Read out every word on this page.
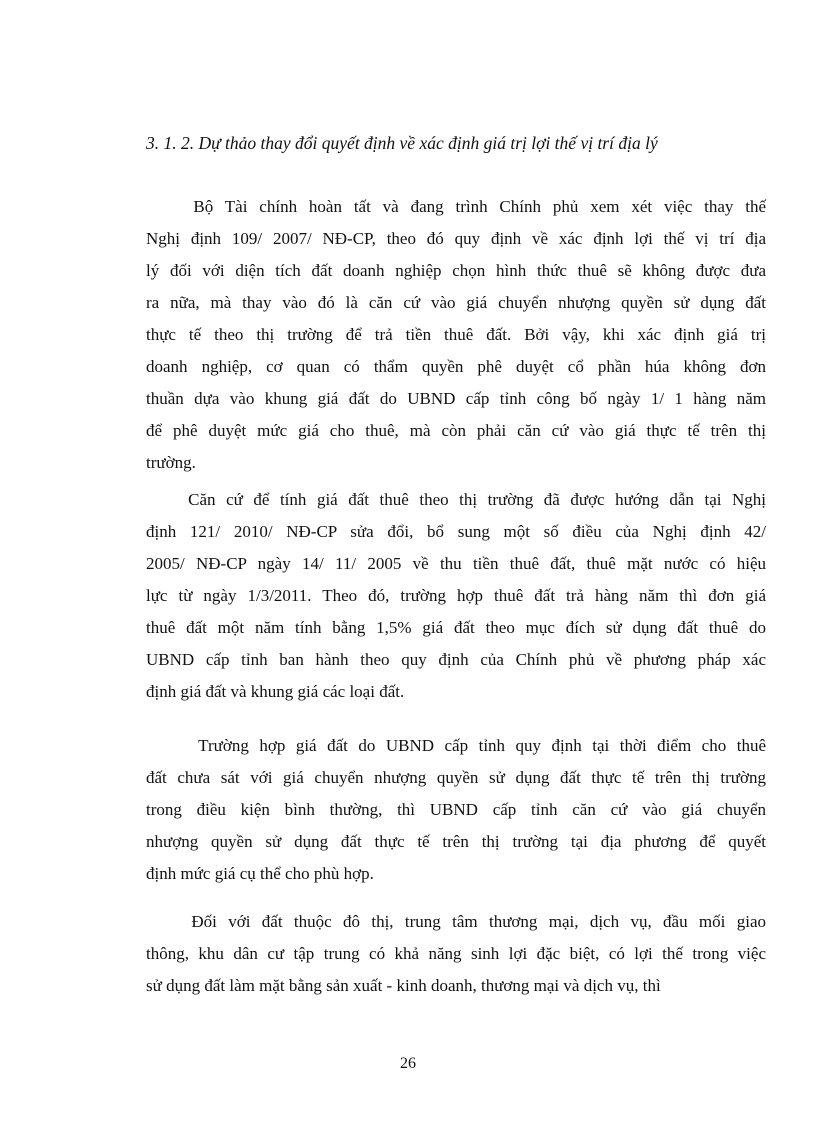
3. 1. 2. Dự thảo thay đổi quyết định về xác định giá trị lợi thế vị trí địa lý

Bộ Tài chính hoàn tất và đang trình Chính phủ xem xét việc thay thế
Nghị định 109/ 2007/ NĐ-CP, theo đó quy định về xác định lợi thế vị trí địa
lý đối với diện tích đất doanh nghiệp chọn hình thức thuê sẽ không được đưa
ra nữa, mà thay vào đó là căn cứ vào giá chuyển nhượng quyền sử dụng đất
thực tế theo thị trường để trả tiền thuê đất. Bởi vậy, khi xác định giá trị
doanh nghiệp, cơ quan có thẩm quyền phê duyệt cổ phần húa không đơn
thuần dựa vào khung giá đất do UBND cấp tỉnh công bố ngày 1/ 1 hàng năm
để phê duyệt mức giá cho thuê, mà còn phải căn cứ vào giá thực tế trên thị
trường.

Căn cứ để tính giá đất thuê theo thị trường đã được hướng dẫn tại Nghị
định 121/ 2010/ NĐ-CP sửa đổi, bổ sung một số điều của Nghị định 42/
2005/ NĐ-CP ngày 14/ 11/ 2005 về thu tiền thuê đất, thuê mặt nước có hiệu
lực từ ngày 1/3/2011. Theo đó, trường hợp thuê đất trả hàng năm thì đơn giá
thuê đất một năm tính bằng 1,5% giá đất theo mục đích sử dụng đất thuê do
UBND cấp tỉnh ban hành theo quy định của Chính phủ về phương pháp xác
định giá đất và khung giá các loại đất.

Trường hợp giá đất do UBND cấp tỉnh quy định tại thời điểm cho thuê
đất chưa sát với giá chuyển nhượng quyền sử dụng đất thực tế trên thị trường
trong điều kiện bình thường, thì UBND cấp tỉnh căn cứ vào giá chuyển
nhượng quyền sử dụng đất thực tế trên thị trường tại địa phương để quyết
định mức giá cụ thể cho phù hợp.

Đối với đất thuộc đô thị, trung tâm thương mại, dịch vụ, đầu mối giao
thông, khu dân cư tập trung có khả năng sinh lợi đặc biệt, có lợi thế trong việc
sử dụng đất làm mặt bằng sản xuất - kinh doanh, thương mại và dịch vụ, thì

26
